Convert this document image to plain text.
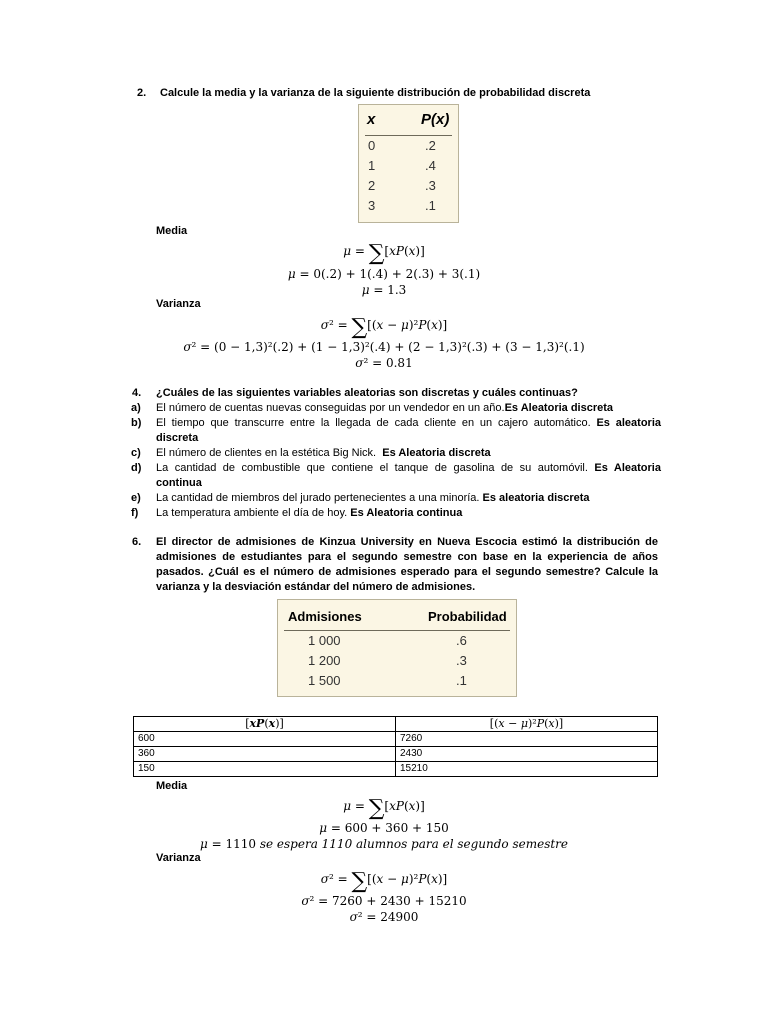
2. Calcule la media y la varianza de la siguiente distribución de probabilidad discreta
x	P(x)
0	.2
1	.4
2	.3
3	.1
Media
μ = ∑[xP(x)]
μ = 0(.2) + 1(.4) + 2(.3) + 3(.1)
μ = 1.3
Varianza
σ² = ∑[(x − μ)²P(x)]
σ² = (0 − 1,3)²(.2) + (1 − 1,3)²(.4) + (2 − 1,3)²(.3) + (3 − 1,3)²(.1)
σ² = 0.81
4. ¿Cuáles de las siguientes variables aleatorias son discretas y cuáles continuas?
a) El número de cuentas nuevas conseguidas por un vendedor en un año.Es Aleatoria discreta
b) El tiempo que transcurre entre la llegada de cada cliente en un cajero automático. Es aleatoria discreta
c) El número de clientes en la estética Big Nick. Es Aleatoria discreta
d) La cantidad de combustible que contiene el tanque de gasolina de su automóvil. Es Aleatoria continua
e) La cantidad de miembros del jurado pertenecientes a una minoría. Es aleatoria discreta
f) La temperatura ambiente el día de hoy. Es Aleatoria continua
6. El director de admisiones de Kinzua University en Nueva Escocia estimó la distribución de admisiones de estudiantes para el segundo semestre con base en la experiencia de años pasados. ¿Cuál es el número de admisiones esperado para el segundo semestre? Calcule la varianza y la desviación estándar del número de admisiones.
Admisiones	Probabilidad
1 000	.6
1 200	.3
1 500	.1
[xP(x)]	[(x − μ)²P(x)]
600	7260
360	2430
150	15210
Media
μ = ∑[xP(x)]
μ = 600 + 360 + 150
μ = 1110 se espera 1110 alumnos para el segundo semestre
Varianza
σ² = ∑[(x − μ)²P(x)]
σ² = 7260 + 2430 + 15210
σ² = 24900
